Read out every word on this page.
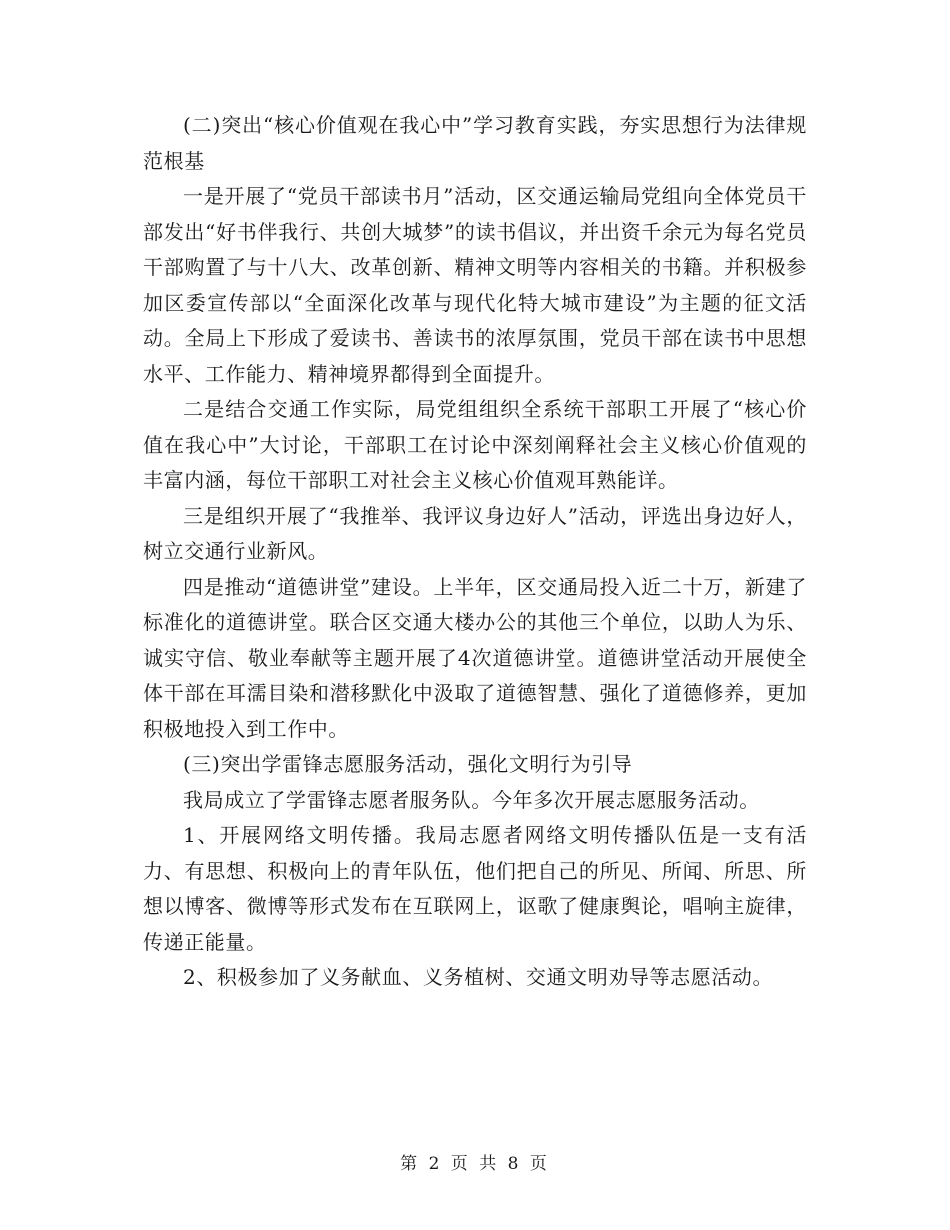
(二)突出“核心价值观在我心中”学习教育实践，夯实思想行为法律规范根基

一是开展了“党员干部读书月”活动，区交通运输局党组向全体党员干部发出“好书伴我行、共创大城梦”的读书倡议，并出资千余元为每名党员干部购置了与十八大、改革创新、精神文明等内容相关的书籍。并积极参加区委宣传部以“全面深化改革与现代化特大城市建设”为主题的征文活动。全局上下形成了爱读书、善读书的浓厚氛围，党员干部在读书中思想水平、工作能力、精神境界都得到全面提升。

二是结合交通工作实际，局党组组织全系统干部职工开展了“核心价值在我心中”大讨论，干部职工在讨论中深刻阐释社会主义核心价值观的丰富内涵，每位干部职工对社会主义核心价值观耳熟能详。

三是组织开展了“我推举、我评议身边好人”活动，评选出身边好人，树立交通行业新风。

四是推动“道德讲堂”建设。上半年，区交通局投入近二十万，新建了标准化的道德讲堂。联合区交通大楼办公的其他三个单位，以助人为乐、诚实守信、敬业奉献等主题开展了4次道德讲堂。道德讲堂活动开展使全体干部在耳濡目染和潜移默化中汲取了道德智慧、强化了道德修养，更加积极地投入到工作中。

(三)突出学雷锋志愿服务活动，强化文明行为引导

我局成立了学雷锋志愿者服务队。今年多次开展志愿服务活动。

1、开展网络文明传播。我局志愿者网络文明传播队伍是一支有活力、有思想、积极向上的青年队伍，他们把自己的所见、所闻、所思、所想以博客、微博等形式发布在互联网上，讴歌了健康舆论，唱响主旋律，传递正能量。

2、积极参加了义务献血、义务植树、交通文明劝导等志愿活动。

第 2 页 共 8 页
